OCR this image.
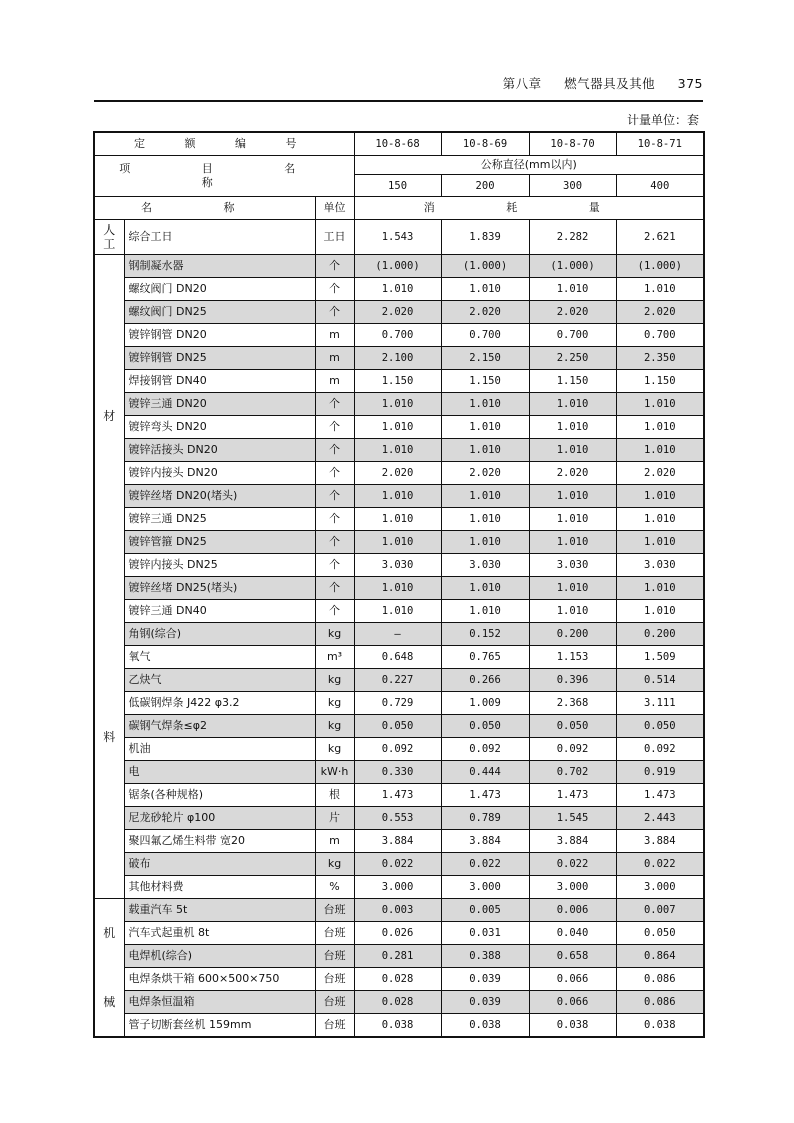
第八章 燃气器具及其他 375
计量单位：套
定 额 编 号			10-8-68	10-8-69	10-8-70	10-8-71
项 目 名 称			公称直径(mm以内)			
			150	200	300	400
名 称		单位	消 耗 量			
人工	综合工日	工日	1.543	1.839	2.282	2.621

材
料	钢制凝水器	个	(1.000)	(1.000)	(1.000)	(1.000)
	螺纹阀门 DN20	个	1.010	1.010	1.010	1.010
	螺纹阀门 DN25	个	2.020	2.020	2.020	2.020
	镀锌钢管 DN20	m	0.700	0.700	0.700	0.700
	镀锌钢管 DN25	m	2.100	2.150	2.250	2.350
	焊接钢管 DN40	m	1.150	1.150	1.150	1.150
	镀锌三通 DN20	个	1.010	1.010	1.010	1.010
	镀锌弯头 DN20	个	1.010	1.010	1.010	1.010
	镀锌活接头 DN20	个	1.010	1.010	1.010	1.010
	镀锌内接头 DN20	个	2.020	2.020	2.020	2.020
	镀锌丝堵 DN20(堵头)	个	1.010	1.010	1.010	1.010
	镀锌三通 DN25	个	1.010	1.010	1.010	1.010
	镀锌管箍 DN25	个	1.010	1.010	1.010	1.010
	镀锌内接头 DN25	个	3.030	3.030	3.030	3.030
	镀锌丝堵 DN25(堵头)	个	1.010	1.010	1.010	1.010
	镀锌三通 DN40	个	1.010	1.010	1.010	1.010
	角钢(综合)	kg	—	0.152	0.200	0.200
	氧气	m³	0.648	0.765	1.153	1.509
	乙炔气	kg	0.227	0.266	0.396	0.514
	低碳钢焊条 J422 φ3.2	kg	0.729	1.009	2.368	3.111
	碳钢气焊条≤φ2	kg	0.050	0.050	0.050	0.050
	机油	kg	0.092	0.092	0.092	0.092
	电	kW·h	0.330	0.444	0.702	0.919
	锯条(各种规格)	根	1.473	1.473	1.473	1.473
	尼龙砂轮片 φ100	片	0.553	0.789	1.545	2.443
	聚四氟乙烯生料带 宽20	m	3.884	3.884	3.884	3.884
	破布	kg	0.022	0.022	0.022	0.022
	其他材料费	%	3.000	3.000	3.000	3.000

机
械	载重汽车 5t	台班	0.003	0.005	0.006	0.007
	汽车式起重机 8t	台班	0.026	0.031	0.040	0.050
	电焊机(综合)	台班	0.281	0.388	0.658	0.864
	电焊条烘干箱 600×500×750	台班	0.028	0.039	0.066	0.086
	电焊条恒温箱	台班	0.028	0.039	0.066	0.086
	管子切断套丝机 159mm	台班	0.038	0.038	0.038	0.038
